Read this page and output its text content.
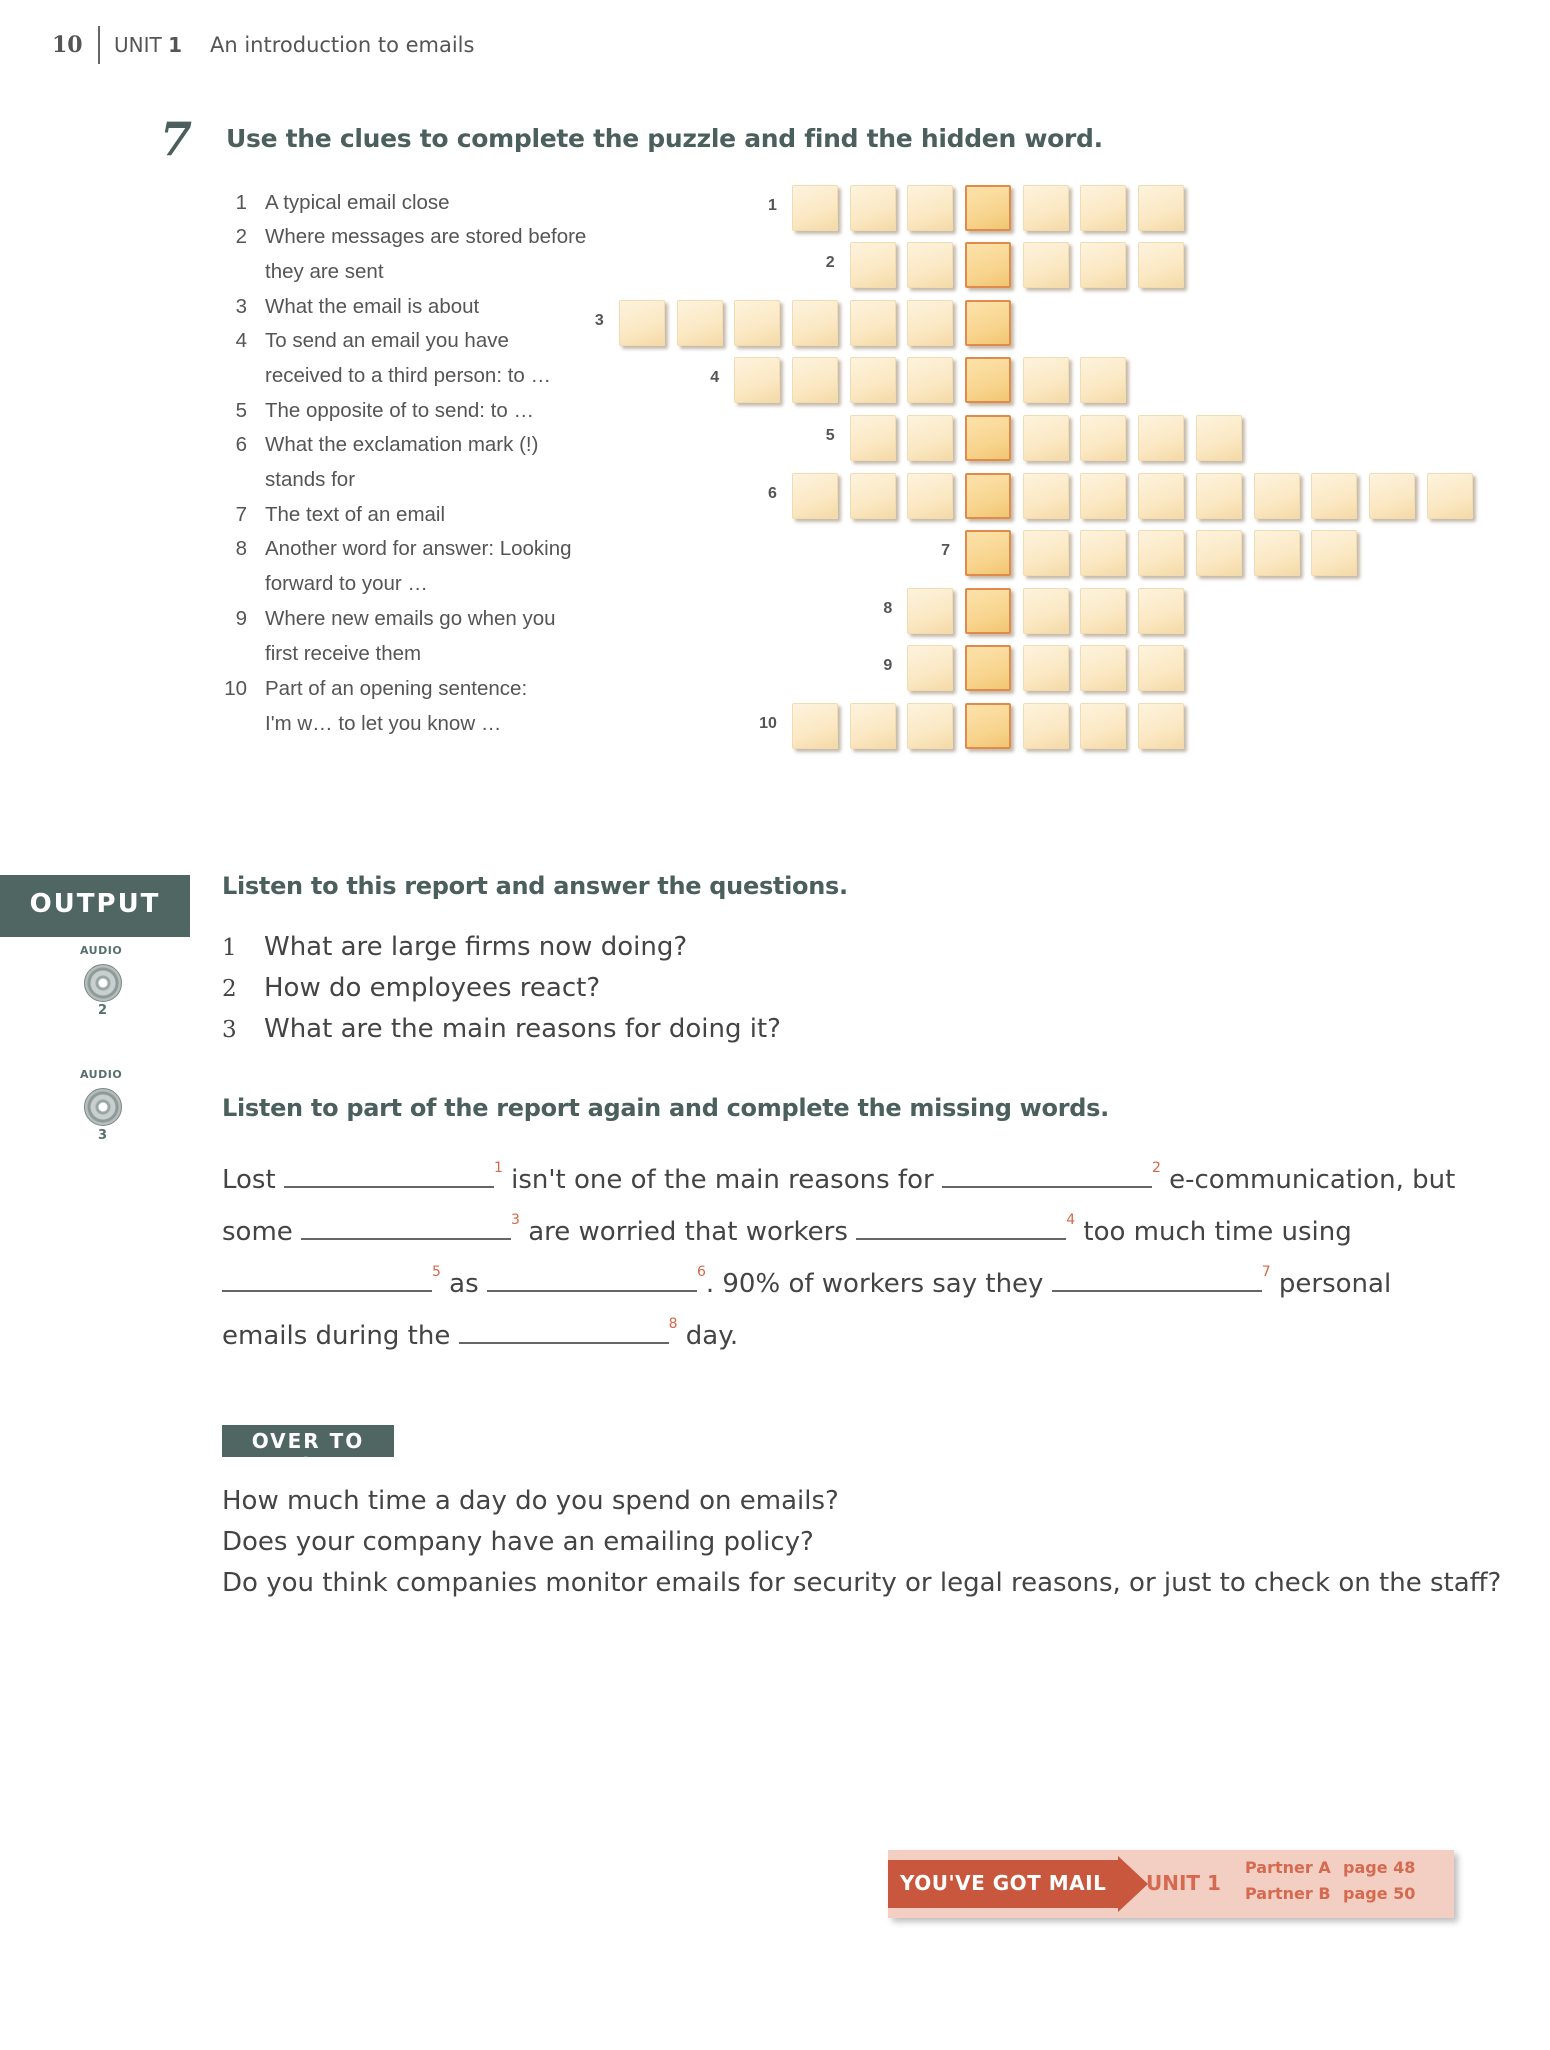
10 UNIT 1 An introduction to emails
7 Use the clues to complete the puzzle and find the hidden word.
1 A typical email close
2 Where messages are stored before
they are sent
3 What the email is about
4 To send an email you have
received to a third person: to …
5 The opposite of to send: to …
6 What the exclamation mark (!)
stands for
7 The text of an email
8 Another word for answer: Looking
forward to your …
9 Where new emails go when you
first receive them
10 Part of an opening sentence:
I'm w… to let you know …
1
2
3
4
5
6
7
8
9
10
OUTPUT
AUDIO
2
AUDIO
3
Listen to this report and answer the questions.
1 What are large firms now doing?
2 How do employees react?
3 What are the main reasons for doing it?
Listen to part of the report again and complete the missing words.
Lost	$^1$ isn't one of the main reasons for	$^2$ e-communication, but
some	$^3$ are worried that workers	$^4$ too much time using
$^5$ as	$^6$. 90% of workers say they	$^7$ personal
emails during the	$^8$ day.
OVER TO YOU
How much time a day do you spend on emails?
Does your company have an emailing policy?
Do you think companies monitor emails for security or legal reasons, or just to check on the staff?
YOU'VE GOT MAIL UNIT 1
Partner A page 48
Partner B page 50
